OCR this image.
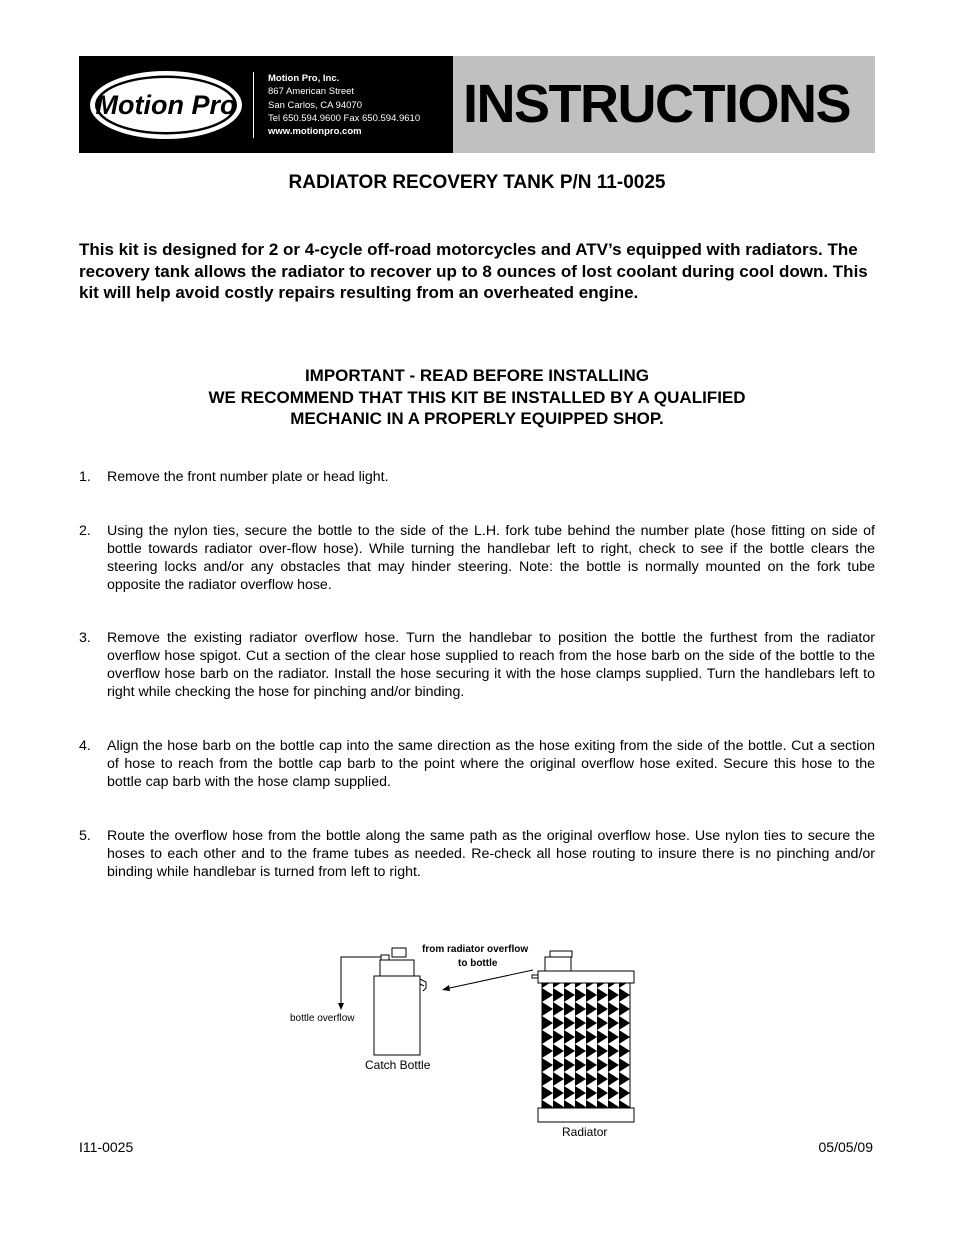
Motion Pro
Motion Pro, Inc.
867 American Street
San Carlos, CA 94070
Tel 650.594.9600 Fax 650.594.9610
www.motionpro.com	INSTRUCTIONS
RADIATOR RECOVERY TANK P/N 11-0025

This kit is designed for 2 or 4-cycle off-road motorcycles and ATV’s equipped with radiators. The recovery tank allows the radiator to recover up to 8 ounces of lost coolant during cool down. This kit will help avoid costly repairs resulting from an overheated engine.

IMPORTANT - READ BEFORE INSTALLING
WE RECOMMEND THAT THIS KIT BE INSTALLED BY A QUALIFIED
MECHANIC IN A PROPERLY EQUIPPED SHOP.
1. Remove the front number plate or head light.
2. Using the nylon ties, secure the bottle to the side of the L.H. fork tube behind the number plate (hose fitting on side of bottle towards radiator over-flow hose). While turning the handlebar left to right, check to see if the bottle clears the steering locks and/or any obstacles that may hinder steering. Note: the bottle is normally mounted on the fork tube opposite the radiator overflow hose.
3. Remove the existing radiator overflow hose. Turn the handlebar to position the bottle the furthest from the radiator overflow hose spigot. Cut a section of the clear hose supplied to reach from the hose barb on the side of the bottle to the overflow hose barb on the radiator. Install the hose securing it with the hose clamps supplied. Turn the handlebars left to right while checking the hose for pinching and/or binding.
4. Align the hose barb on the bottle cap into the same direction as the hose exiting from the side of the bottle. Cut a section of hose to reach from the bottle cap barb to the point where the original overflow hose exited. Secure this hose to the bottle cap barb with the hose clamp supplied.
5. Route the overflow hose from the bottle along the same path as the original overflow hose. Use nylon ties to secure the hoses to each other and to the frame tubes as needed. Re-check all hose routing to insure there is no pinching and/or binding while handlebar is turned from left to right.
bottle overflow
Catch Bottle
from radiator overflow
to bottle
Radiator
I11-0025	05/05/09
